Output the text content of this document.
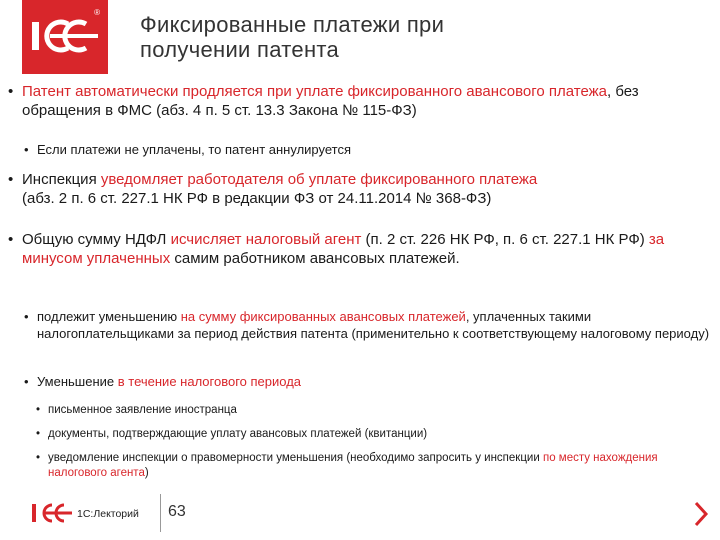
® Фиксированные платежи при
получении патента
• Патент автоматически продляется при уплате фиксированного авансового платежа, без обращения в ФМС (абз. 4 п. 5 ст. 13.3 Закона № 115-ФЗ)
• Если платежи не уплачены, то патент аннулируется
• Инспекция уведомляет работодателя об уплате фиксированного платежа
(абз. 2 п. 6 ст. 227.1 НК РФ в редакции ФЗ от 24.11.2014 № 368-ФЗ)
• Общую сумму НДФЛ исчисляет налоговый агент (п. 2 ст. 226 НК РФ, п. 6 ст. 227.1 НК РФ) за минусом уплаченных самим работником авансовых платежей.
• подлежит уменьшению на сумму фиксированных авансовых платежей, уплаченных такими налогоплательщиками за период действия патента (применительно к соответствующему налоговому периоду)
• Уменьшение в течение налогового периода
• письменное заявление иностранца
• документы, подтверждающие уплату авансовых платежей (квитанции)
• уведомление инспекции о правомерности уменьшения (необходимо запросить у инспекции по месту нахождения налогового агента)
1С:Лекторий 63
